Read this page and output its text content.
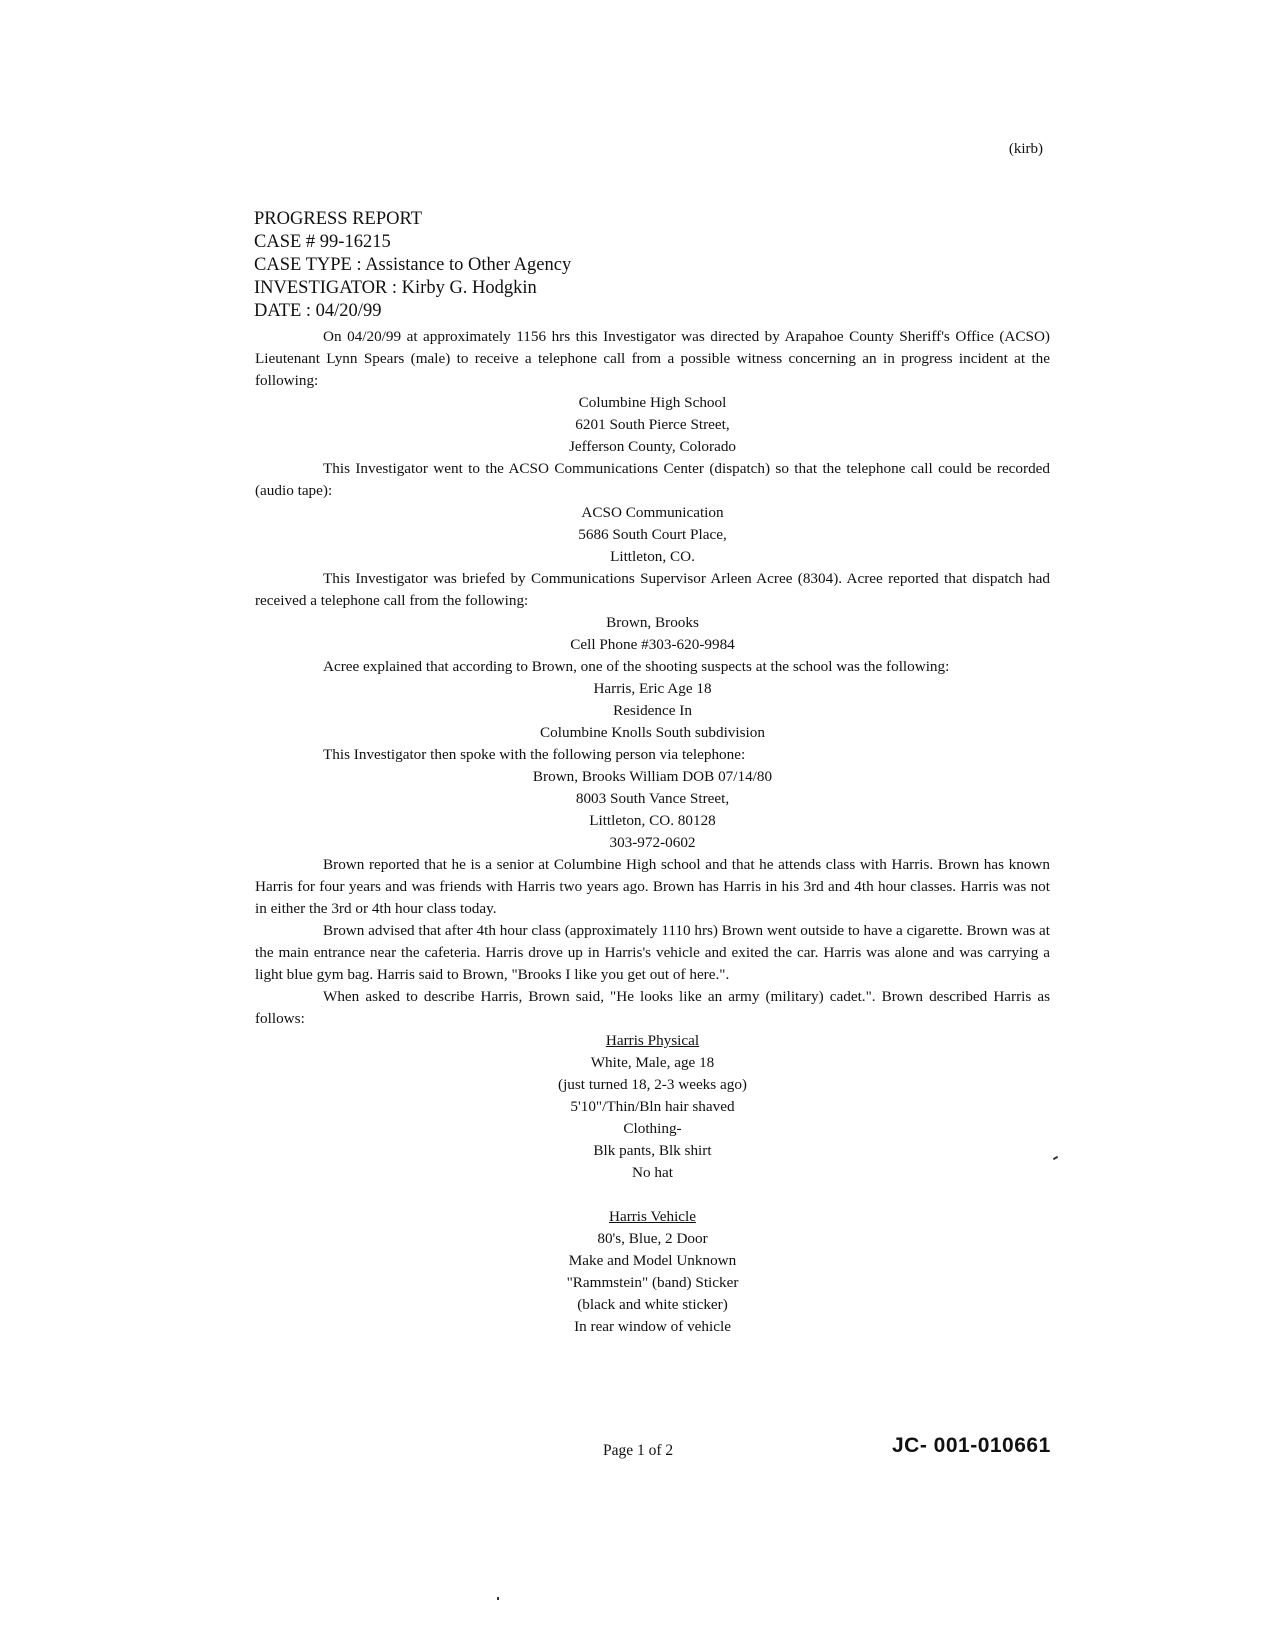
(kirb)
PROGRESS REPORT
CASE # 99-16215
CASE TYPE : Assistance to Other Agency
INVESTIGATOR : Kirby G. Hodgkin
DATE : 04/20/99

On 04/20/99 at approximately 1156 hrs this Investigator was directed by Arapahoe County Sheriff's Office (ACSO) Lieutenant Lynn Spears (male) to receive a telephone call from a possible witness concerning an in progress incident at the following:

Columbine High School

6201 South Pierce Street,

Jefferson County, Colorado

This Investigator went to the ACSO Communications Center (dispatch) so that the telephone call could be recorded (audio tape):

ACSO Communication

5686 South Court Place,

Littleton, CO.

This Investigator was briefed by Communications Supervisor Arleen Acree (8304). Acree reported that dispatch had received a telephone call from the following:

Brown, Brooks

Cell Phone #303-620-9984

Acree explained that according to Brown, one of the shooting suspects at the school was the following:

Harris, Eric Age 18

Residence In

Columbine Knolls South subdivision

This Investigator then spoke with the following person via telephone:

Brown, Brooks William DOB 07/14/80

8003 South Vance Street,

Littleton, CO. 80128

303-972-0602

Brown reported that he is a senior at Columbine High school and that he attends class with Harris. Brown has known Harris for four years and was friends with Harris two years ago. Brown has Harris in his 3rd and 4th hour classes. Harris was not in either the 3rd or 4th hour class today.

Brown advised that after 4th hour class (approximately 1110 hrs) Brown went outside to have a cigarette. Brown was at the main entrance near the cafeteria. Harris drove up in Harris's vehicle and exited the car. Harris was alone and was carrying a light blue gym bag. Harris said to Brown, "Brooks I like you get out of here.".

When asked to describe Harris, Brown said, "He looks like an army (military) cadet.". Brown described Harris as follows:

Harris Physical

White, Male, age 18

(just turned 18, 2-3 weeks ago)

5'10"/Thin/Bln hair shaved

Clothing-

Blk pants, Blk shirt

No hat

Harris Vehicle

80's, Blue, 2 Door

Make and Model Unknown

"Rammstein" (band) Sticker

(black and white sticker)

In rear window of vehicle

Page 1 of 2	JC- 001-010661
